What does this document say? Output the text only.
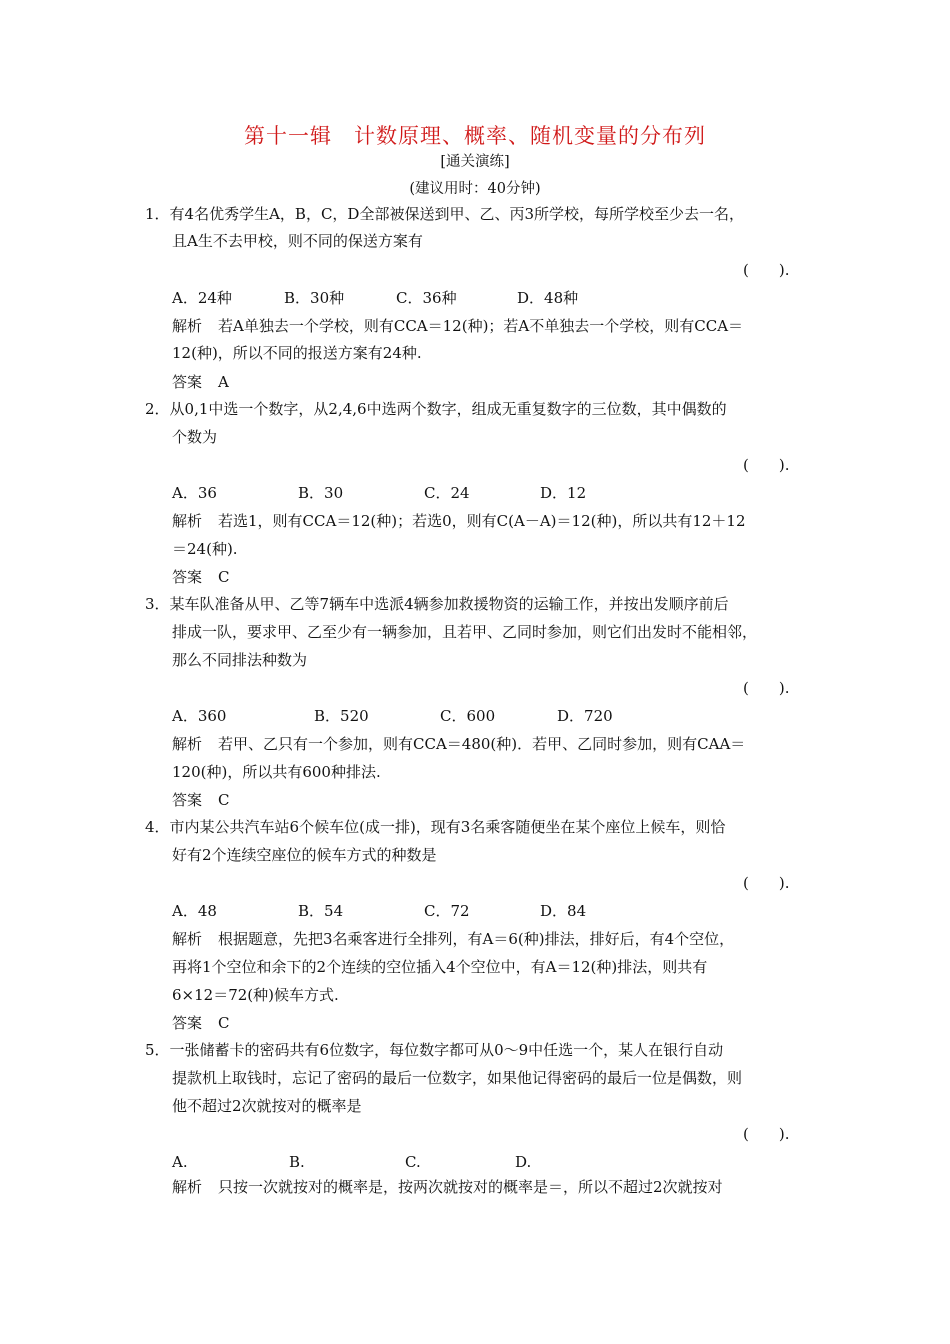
第十一辑　计数原理、概率、随机变量的分布列
[通关演练]
(建议用时：40分钟)
1．有4名优秀学生A，B，C，D全部被保送到甲、乙、丙3所学校，每所学校至少去一名，
且A生不去甲校，则不同的保送方案有
(　　).
A．24种	B．30种	C．36种	D．48种
解析 若A单独去一个学校，则有CCA＝12(种)；若A不单独去一个学校，则有CCA＝
12(种)，所以不同的报送方案有24种.
答案 A
2．从0,1中选一个数字，从2,4,6中选两个数字，组成无重复数字的三位数，其中偶数的
个数为
(　　).
A．36	B．30	C．24	D．12
解析 若选1，则有CCA＝12(种)；若选0，则有C(A－A)＝12(种)，所以共有12＋12
＝24(种).
答案 C
3．某车队准备从甲、乙等7辆车中选派4辆参加救援物资的运输工作，并按出发顺序前后
排成一队，要求甲、乙至少有一辆参加，且若甲、乙同时参加，则它们出发时不能相邻，
那么不同排法种数为
(　　).
A．360	B．520	C．600	D．720
解析 若甲、乙只有一个参加，则有CCA＝480(种)．若甲、乙同时参加，则有CAA＝
120(种)，所以共有600种排法.
答案 C
4．市内某公共汽车站6个候车位(成一排)，现有3名乘客随便坐在某个座位上候车，则恰
好有2个连续空座位的候车方式的种数是
(　　).
A．48	B．54	C．72	D．84
解析 根据题意，先把3名乘客进行全排列，有A＝6(种)排法，排好后，有4个空位，
再将1个空位和余下的2个连续的空位插入4个空位中，有A＝12(种)排法，则共有
6×12＝72(种)候车方式.
答案 C
5．一张储蓄卡的密码共有6位数字，每位数字都可从0～9中任选一个，某人在银行自动
提款机上取钱时，忘记了密码的最后一位数字，如果他记得密码的最后一位是偶数，则
他不超过2次就按对的概率是
(　　).
A.	B.	C.	D.
解析 只按一次就按对的概率是，按两次就按对的概率是＝，所以不超过2次就按对
